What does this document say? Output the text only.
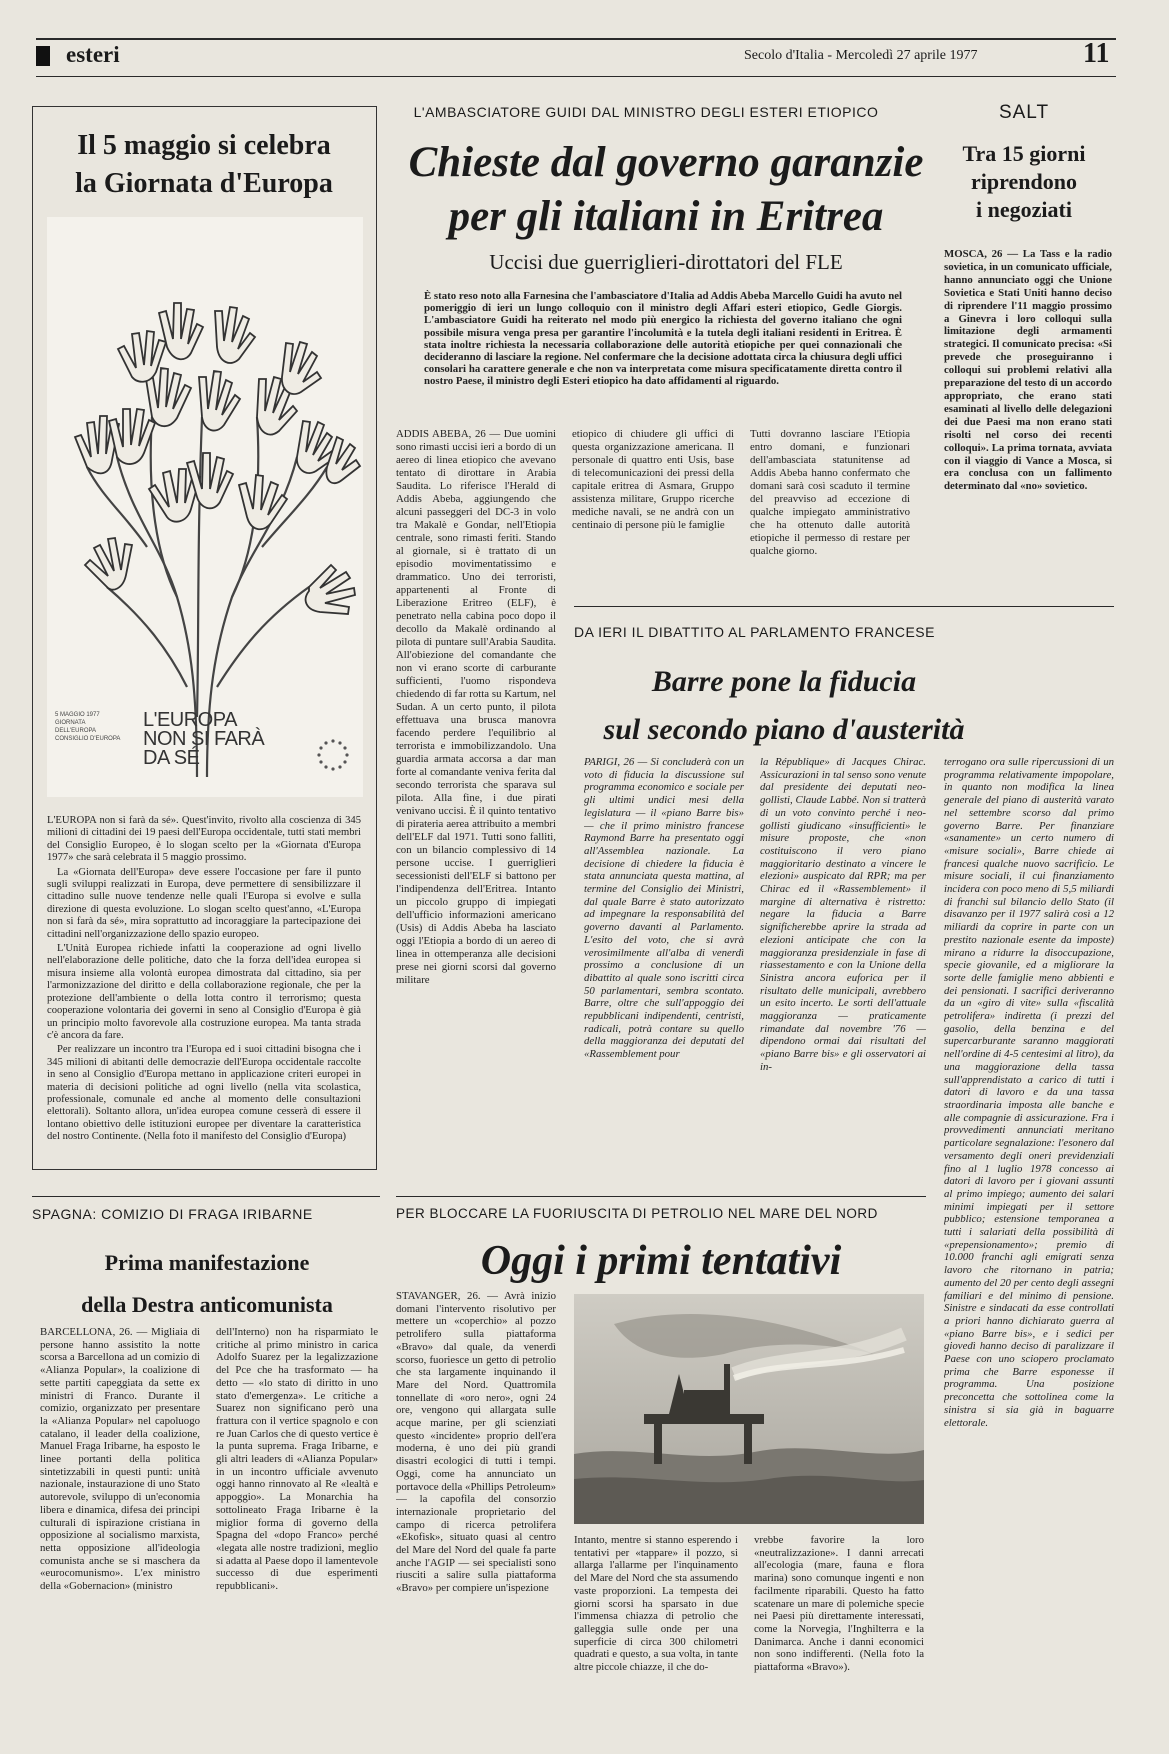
esteri	Secolo d'Italia - Mercoledì 27 aprile 1977	11
Il 5 maggio si celebra
la Giornata d'Europa
5 MAGGIO 1977 GIORNATA DELL'EUROPA CONSIGLIO D'EUROPA
L'EUROPA
NON SI FARÀ
DA SÉ

L'EUROPA non si farà da sé». Quest'invito, rivolto alla coscienza di 345 milioni di cittadini dei 19 paesi dell'Europa occidentale, tutti stati membri del Consiglio Europeo, è lo slogan scelto per la «Giornata d'Europa 1977» che sarà celebrata il 5 maggio prossimo.

La «Giornata dell'Europa» deve essere l'occasione per fare il punto sugli sviluppi realizzati in Europa, deve permettere di sensibilizzare il cittadino sulle nuove tendenze nelle quali l'Europa si evolve e sulla direzione di questa evoluzione. Lo slogan scelto quest'anno, «L'Europa non si farà da sé», mira soprattutto ad incoraggiare la partecipazione dei cittadini nell'organizzazione dello spazio europeo.

L'Unità Europea richiede infatti la cooperazione ad ogni livello nell'elaborazione delle politiche, dato che la forza dell'idea europea si misura insieme alla volontà europea dimostrata dal cittadino, sia per l'armonizzazione del diritto e della collaborazione regionale, che per la protezione dell'ambiente o della lotta contro il terrorismo; questa cooperazione volontaria dei governi in seno al Consiglio d'Europa è già un principio molto favorevole alla costruzione europea. Ma tanta strada c'è ancora da fare.

Per realizzare un incontro tra l'Europa ed i suoi cittadini bisogna che i 345 milioni di abitanti delle democrazie dell'Europa occidentale raccolte in seno al Consiglio d'Europa mettano in applicazione criteri europei in materia di decisioni politiche ad ogni livello (nella vita scolastica, professionale, comunale ed anche al momento delle consultazioni elettorali). Soltanto allora, un'idea europea comune cesserà di essere il lontano obiettivo delle istituzioni europee per diventare la caratteristica del nostro Continente. (Nella foto il manifesto del Consiglio d'Europa)

L'AMBASCIATORE GUIDI DAL MINISTRO DEGLI ESTERI ETIOPICO
Chieste dal governo garanzie
per gli italiani in Eritrea
Uccisi due guerriglieri-dirottatori del FLE
È stato reso noto alla Farnesina che l'ambasciatore d'Italia ad Addis Abeba Marcello Guidi ha avuto nel pomeriggio di ieri un lungo colloquio con il ministro degli Affari esteri etiopico, Gedle Giorgis. L'ambasciatore Guidi ha reiterato nel modo più energico la richiesta del governo italiano che ogni possibile misura venga presa per garantire l'incolumità e la tutela degli italiani residenti in Eritrea. È stata inoltre richiesta la necessaria collaborazione delle autorità etiopiche per quei connazionali che decideranno di lasciare la regione. Nel confermare che la decisione adottata circa la chiusura degli uffici consolari ha carattere generale e che non va interpretata come misura specificatamente diretta contro il nostro Paese, il ministro degli Esteri etiopico ha dato affidamenti al riguardo.
ADDIS ABEBA, 26 — Due uomini sono rimasti uccisi ieri a bordo di un aereo di linea etiopico che avevano tentato di dirottare in Arabia Saudita. Lo riferisce l'Herald di Addis Abeba, aggiungendo che alcuni passeggeri del DC-3 in volo tra Makalè e Gondar, nell'Etiopia centrale, sono rimasti feriti. Stando al giornale, si è trattato di un episodio movimentatissimo e drammatico. Uno dei terroristi, appartenenti al Fronte di Liberazione Eritreo (ELF), è penetrato nella cabina poco dopo il decollo da Makalè ordinando al pilota di puntare sull'Arabia Saudita. All'obiezione del comandante che non vi erano scorte di carburante sufficienti, l'uomo rispondeva chiedendo di far rotta su Kartum, nel Sudan. A un certo punto, il pilota effettuava una brusca manovra facendo perdere l'equilibrio al terrorista e immobilizzandolo. Una guardia armata accorsa a dar man forte al comandante veniva ferita dal secondo terrorista che sparava sul pilota. Alla fine, i due pirati venivano uccisi. È il quinto tentativo di pirateria aerea attribuito a membri dell'ELF dal 1971. Tutti sono falliti, con un bilancio complessivo di 14 persone uccise. I guerriglieri secessionisti dell'ELF si battono per l'indipendenza dell'Eritrea. Intanto un piccolo gruppo di impiegati dell'ufficio informazioni americano (Usis) di Addis Abeba ha lasciato oggi l'Etiopia a bordo di un aereo di linea in ottemperanza alle decisioni prese nei giorni scorsi dal governo militare
etiopico di chiudere gli uffici di questa organizzazione americana. Il personale di quattro enti Usis, base di telecomunicazioni dei pressi della capitale eritrea di Asmara, Gruppo assistenza militare, Gruppo ricerche mediche navali, se ne andrà con un centinaio di persone più le famiglie
Tutti dovranno lasciare l'Etiopia entro domani, e funzionari dell'ambasciata statunitense ad Addis Abeba hanno confermato che domani sarà così scaduto il termine del preavviso ad eccezione di qualche impiegato amministrativo che ha ottenuto dalle autorità etiopiche il permesso di restare per qualche giorno.
SALT
Tra 15 giorni
riprendono
i negoziati
MOSCA, 26 — La Tass e la radio sovietica, in un comunicato ufficiale, hanno annunciato oggi che Unione Sovietica e Stati Uniti hanno deciso di riprendere l'11 maggio prossimo a Ginevra i loro colloqui sulla limitazione degli armamenti strategici. Il comunicato precisa: «Si prevede che proseguiranno i colloqui sui problemi relativi alla preparazione del testo di un accordo appropriato, che erano stati esaminati al livello delle delegazioni dei due Paesi ma non erano stati risolti nel corso dei recenti colloqui». La prima tornata, avviata con il viaggio di Vance a Mosca, si era conclusa con un fallimento determinato dal «no» sovietico.
DA IERI IL DIBATTITO AL PARLAMENTO FRANCESE
Barre pone la fiducia
sul secondo piano d'austerità
PARIGI, 26 — Si concluderà con un voto di fiducia la discussione sul programma economico e sociale per gli ultimi undici mesi della legislatura — il «piano Barre bis» — che il primo ministro francese Raymond Barre ha presentato oggi all'Assemblea nazionale. La decisione di chiedere la fiducia è stata annunciata questa mattina, al termine del Consiglio dei Ministri, dal quale Barre è stato autorizzato ad impegnare la responsabilità del governo davanti al Parlamento. L'esito del voto, che si avrà verosimilmente all'alba di venerdì prossimo a conclusione di un dibattito al quale sono iscritti circa 50 parlamentari, sembra scontato. Barre, oltre che sull'appoggio dei repubblicani indipendenti, centristi, radicali, potrà contare su quello della maggioranza dei deputati del «Rassemblement pour
la République» di Jacques Chirac. Assicurazioni in tal senso sono venute dal presidente dei deputati neo-gollisti, Claude Labbé. Non si tratterà di un voto convinto perché i neo-gollisti giudicano «insufficienti» le misure proposte, che «non costituiscono il vero piano maggioritario destinato a vincere le elezioni» auspicato dal RPR; ma per Chirac ed il «Rassemblement» il margine di alternativa è ristretto: negare la fiducia a Barre significherebbe aprire la strada ad elezioni anticipate che con la maggioranza presidenziale in fase di riassestamento e con la Unione della Sinistra ancora euforica per il risultato delle municipali, avrebbero un esito incerto. Le sorti dell'attuale maggioranza — praticamente rimandate dal novembre '76 — dipendono ormai dai risultati del «piano Barre bis» e gli osservatori ai in-
terrogano ora sulle ripercussioni di un programma relativamente impopolare, in quanto non modifica la linea generale del piano di austerità varato nel settembre scorso dal primo governo Barre. Per finanziare «sanamente» un certo numero di «misure sociali», Barre chiede ai francesi qualche nuovo sacrificio. Le misure sociali, il cui finanziamento incidera con poco meno di 5,5 miliardi di franchi sul bilancio dello Stato (il disavanzo per il 1977 salirà così a 12 miliardi da coprire in parte con un prestito nazionale esente da imposte) mirano a ridurre la disoccupazione, specie giovanile, ed a migliorare la sorte delle famiglie meno abbienti e dei pensionati. I sacrifici deriveranno da un «giro di vite» sulla «fiscalità petrolifera» indiretta (i prezzi del gasolio, della benzina e del supercarburante saranno maggiorati nell'ordine di 4-5 centesimi al litro), da una maggiorazione della tassa sull'apprendistato a carico di tutti i datori di lavoro e da una tassa straordinaria imposta alle banche e alle compagnie di assicurazione. Fra i provvedimenti annunciati meritano particolare segnalazione: l'esonero dal versamento degli oneri previdenziali fino al 1 luglio 1978 concesso ai datori di lavoro per i giovani assunti al primo impiego; aumento dei salari minimi impiegati per il settore pubblico; estensione temporanea a tutti i salariati della possibilità di «prepensionamento»; premio di 10.000 franchi agli emigrati senza lavoro che ritornano in patria; aumento del 20 per cento degli assegni familiari e del minimo di pensione. Sinistre e sindacati da esse controllati a priori hanno dichiarato guerra al «piano Barre bis», e i sedici per giovedì hanno deciso di paralizzare il Paese con uno sciopero proclamato prima che Barre esponesse il programma. Una posizione preconcetta che sottolinea come la sinistra si sia già in baguarre elettorale.
SPAGNA: COMIZIO DI FRAGA IRIBARNE
Prima manifestazione
della Destra anticomunista
BARCELLONA, 26. — Migliaia di persone hanno assistito la notte scorsa a Barcellona ad un comizio di «Alianza Popular», la coalizione di sette partiti capeggiata da sette ex ministri di Franco. Durante il comizio, organizzato per presentare la «Alianza Popular» nel capoluogo catalano, il leader della coalizione, Manuel Fraga Iribarne, ha esposto le linee portanti della politica sintetizzabili in questi punti: unità nazionale, instaurazione di uno Stato autorevole, sviluppo di un'economia libera e dinamica, difesa dei principi culturali di ispirazione cristiana in opposizione al socialismo marxista, netta opposizione all'ideologia comunista anche se si maschera da «eurocomunismo». L'ex ministro della «Gobernacion» (ministro
dell'Interno) non ha risparmiato le critiche al primo ministro in carica Adolfo Suarez per la legalizzazione del Pce che ha trasformato — ha detto — «lo stato di diritto in uno stato d'emergenza». Le critiche a Suarez non significano però una frattura con il vertice spagnolo e con re Juan Carlos che di questo vertice è la punta suprema. Fraga Iribarne, e gli altri leaders di «Alianza Popular» in un incontro ufficiale avvenuto oggi hanno rinnovato al Re «lealtà e appoggio». La Monarchia ha sottolineato Fraga Iribarne è la miglior forma di governo della Spagna del «dopo Franco» perché «legata alle nostre tradizioni, meglio si adatta al Paese dopo il lamentevole successo di due esperimenti repubblicani».
PER BLOCCARE LA FUORIUSCITA DI PETROLIO NEL MARE DEL NORD
Oggi i primi tentativi
STAVANGER, 26. — Avrà inizio domani l'intervento risolutivo per mettere un «coperchio» al pozzo petrolifero sulla piattaforma «Bravo» dal quale, da venerdì scorso, fuoriesce un getto di petrolio che sta largamente inquinando il Mare del Nord. Quattromila tonnellate di «oro nero», ogni 24 ore, vengono qui allargata sulle acque marine, per gli scienziati questo «incidente» proprio dell'era moderna, è uno dei più grandi disastri ecologici di tutti i tempi. Oggi, come ha annunciato un portavoce della «Phillips Petroleum» — la capofila del consorzio internazionale proprietario del campo di ricerca petrolifera «Ekofisk», situato quasi al centro del Mare del Nord del quale fa parte anche l'AGIP — sei specialisti sono riusciti a salire sulla piattaforma «Bravo» per compiere un'ispezione
Intanto, mentre si stanno esperendo i tentativi per «tappare» il pozzo, si allarga l'allarme per l'inquinamento del Mare del Nord che sta assumendo vaste proporzioni. La tempesta dei giorni scorsi ha sparsato in due l'immensa chiazza di petrolio che galleggia sulle onde per una superficie di circa 300 chilometri quadrati e questo, a sua volta, in tante altre piccole chiazze, il che do-
vrebbe favorire la loro «neutralizzazione». I danni arrecati all'ecologia (mare, fauna e flora marina) sono comunque ingenti e non facilmente riparabili. Questo ha fatto scatenare un mare di polemiche specie nei Paesi più direttamente interessati, come la Norvegia, l'Inghilterra e la Danimarca. Anche i danni economici non sono indifferenti. (Nella foto la piattaforma «Bravo»).
